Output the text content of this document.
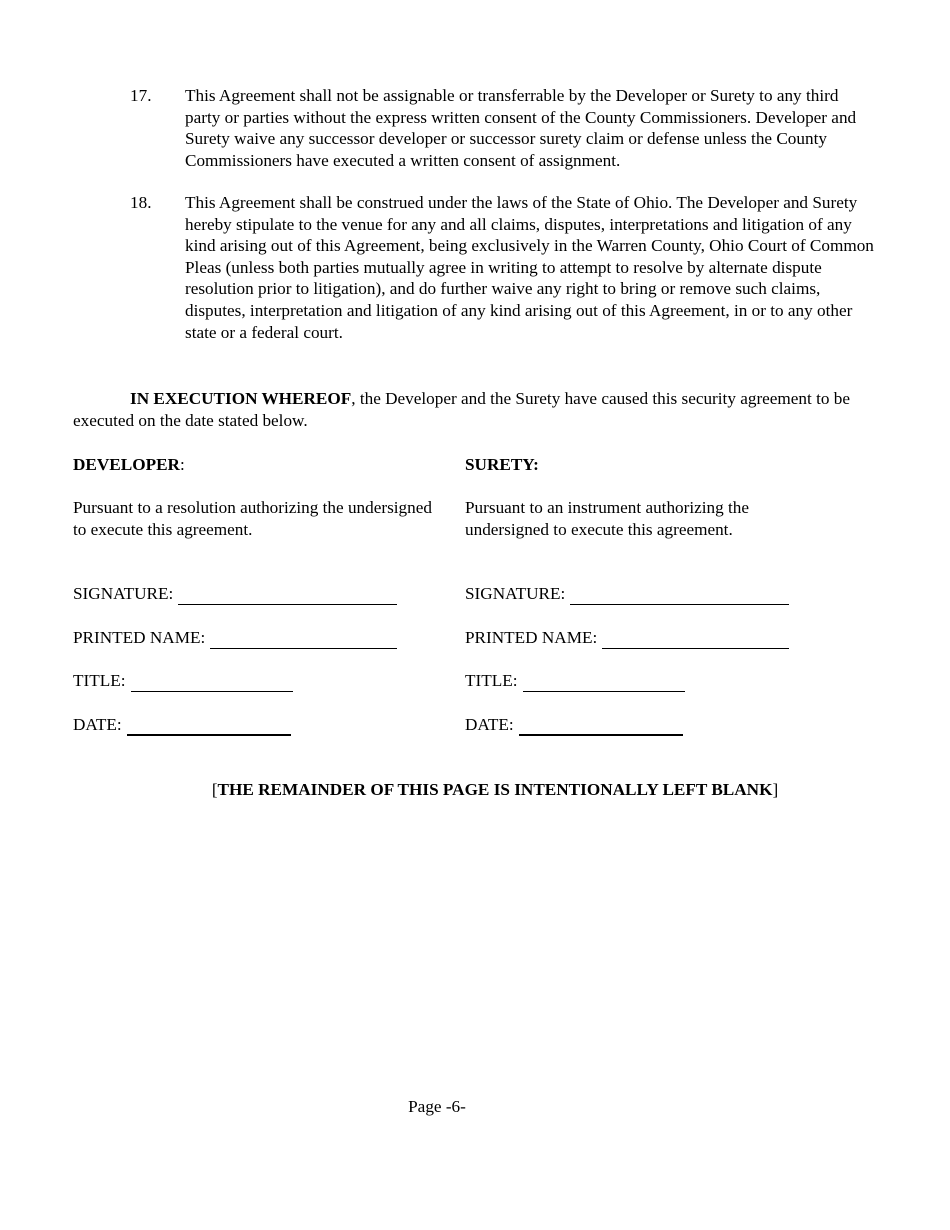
17.	This Agreement shall not be assignable or transferrable by the Developer or Surety to any third party or parties without the express written consent of the County Commissioners. Developer and Surety waive any successor developer or successor surety claim or defense unless the County Commissioners have executed a written consent of assignment.
18.	This Agreement shall be construed under the laws of the State of Ohio. The Developer and Surety hereby stipulate to the venue for any and all claims, disputes, interpretations and litigation of any kind arising out of this Agreement, being exclusively in the Warren County, Ohio Court of Common Pleas (unless both parties mutually agree in writing to attempt to resolve by alternate dispute resolution prior to litigation), and do further waive any right to bring or remove such claims, disputes, interpretation and litigation of any kind arising out of this Agreement, in or to any other state or a federal court.
IN EXECUTION WHEREOF, the Developer and the Surety have caused this security agreement to be executed on the date stated below.
DEVELOPER:
Pursuant to a resolution authorizing the undersigned to execute this agreement.
SIGNATURE:
PRINTED NAME:
TITLE:
DATE:
SURETY:
Pursuant to an instrument authorizing the undersigned to execute this agreement.
SIGNATURE:
PRINTED NAME:
TITLE:
DATE:
[THE REMAINDER OF THIS PAGE IS INTENTIONALLY LEFT BLANK]
Page -6-
